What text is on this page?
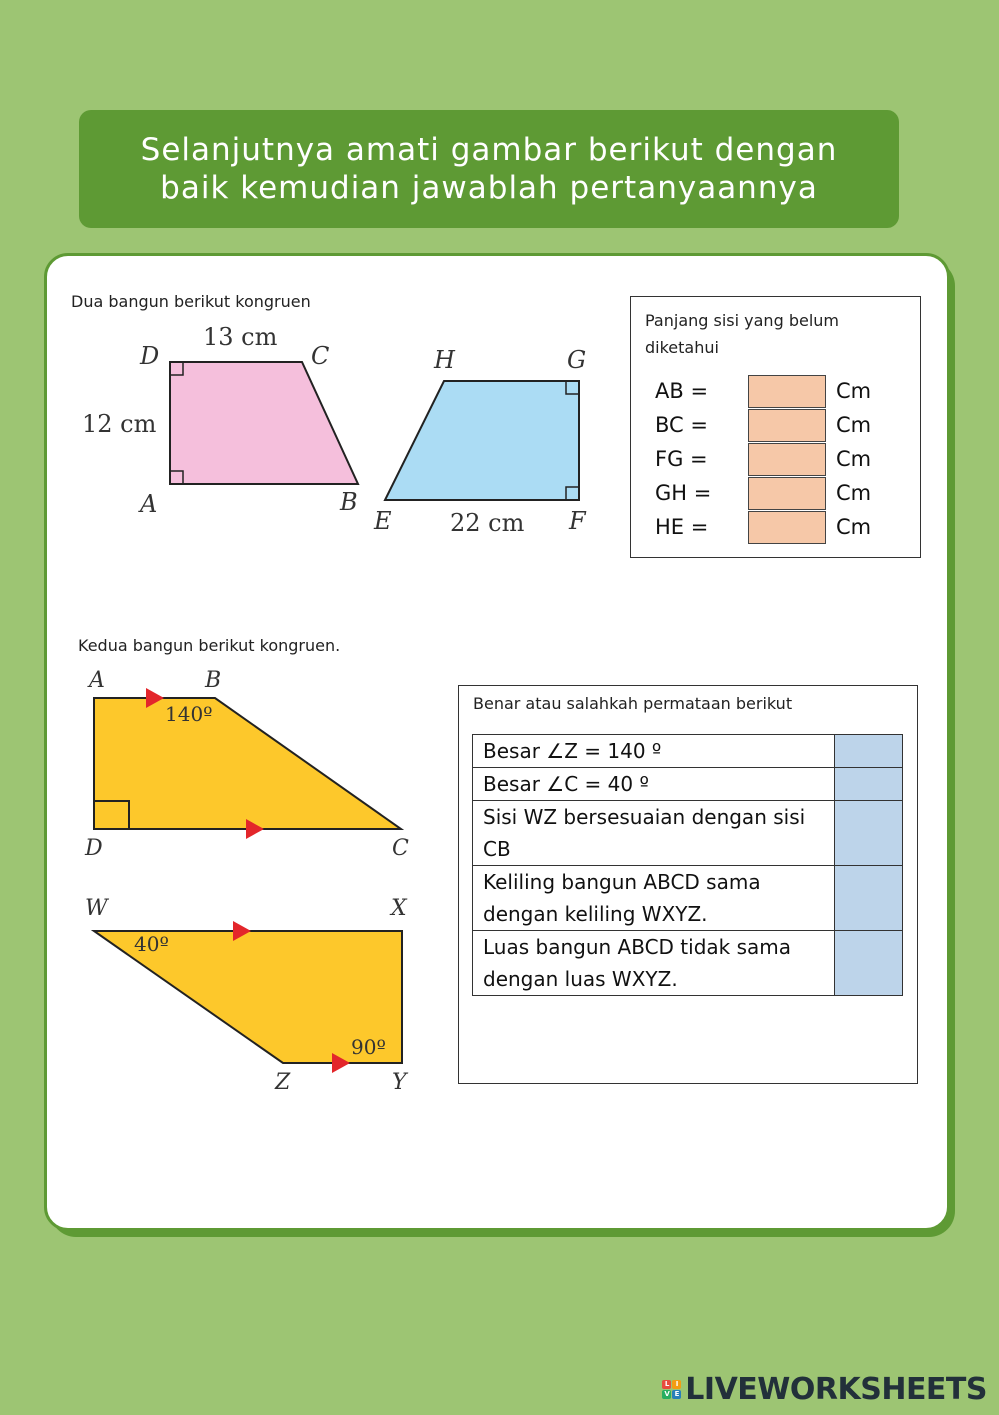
Selanjutnya amati gambar berikut dengan
baik kemudian jawablah pertanyaannya
Dua bangun berikut kongruen
D	C
A	B
13 cm
12 cm
H	G
E	F
22 cm
A	B
D	C
140º
W	X
Z	Y
40º
90º
Panjang sisi yang belum diketahui
AB =	Cm
BC =	Cm
FG =	Cm
GH =	Cm
HE =	Cm
Kedua bangun berikut kongruen.
Benar atau salahkah permataan berikut
Besar ∠Z = 140 º	
Besar ∠C = 40 º	
Sisi WZ bersesuaian dengan sisi CB	
Keliling bangun ABCD sama dengan keliling WXYZ.	
Luas bangun ABCD tidak sama dengan luas WXYZ.	
L I
V E LIVEWORKSHEETS
